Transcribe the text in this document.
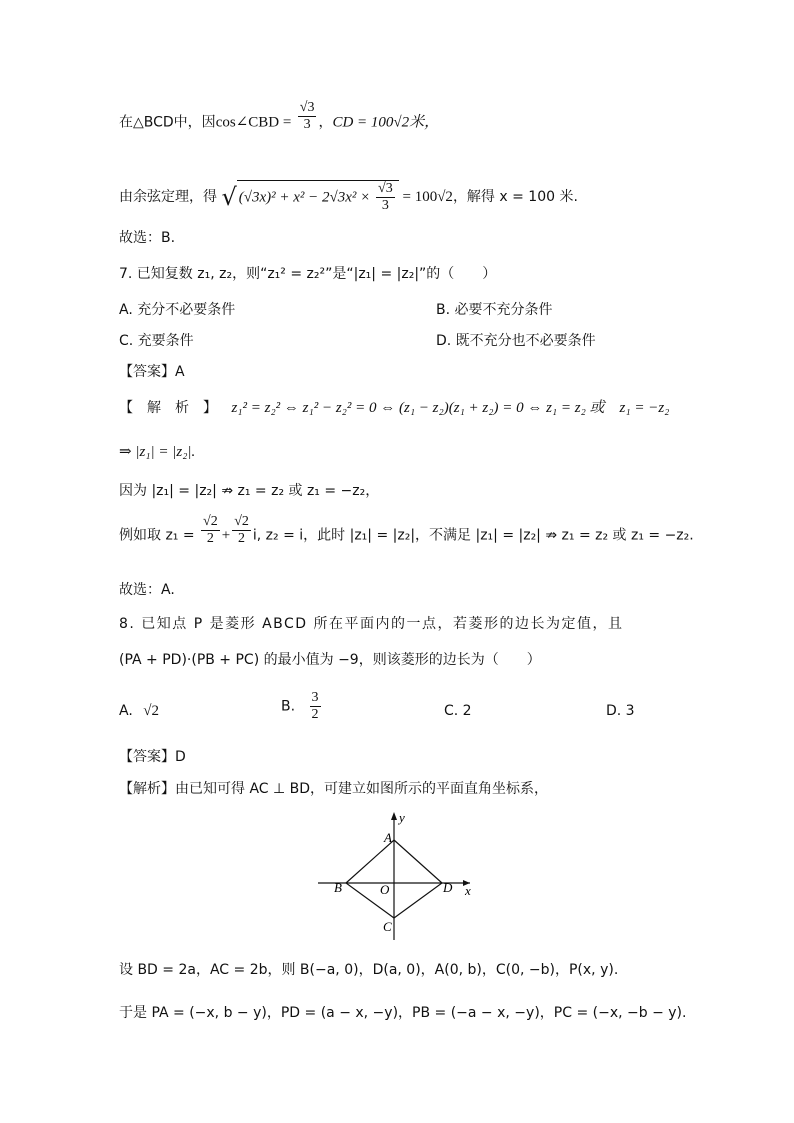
在△BCD中，因cos∠CBD = $\frac{√3}{3}$ ，CD = 100√2米，
由余弦定理，得 √ $(√3x)^2 + x^2 - 2√3x^2 \times \frac{√3}{3} = 100√2$，解得 x = 100 米.
故选：B.
7. 已知复数 z₁, z₂，则“z₁² = z₂²”是“|z₁| = |z₂|”的（　　）
A. 充分不必要条件	B. 必要不充分条件
C. 充要条件	D. 既不充分也不必要条件
【答案】A
【　解　析　】 z₁² = z₂² ⇔ z₁² − z₂² = 0 ⇔ (z₁ − z₂)(z₁ + z₂) = 0 ⇔ z₁ = z₂ 或　z₁ = −z₂
⇒ |z₁| = |z₂|.
因为 |z₁| = |z₂| ⇏ z₁ = z₂ 或 z₁ = −z₂，
例如取 $z_1 = \frac{√2}{2} + \frac{√2}{2} i$, z₂ = i，此时 |z₁| = |z₂|，不满足 |z₁| = |z₂| ⇏ z₁ = z₂ 或 z₁ = −z₂.
故选：A.
8. 已知点 P 是菱形 ABCD 所在平面内的一点，若菱形的边长为定值，且
(PA + PD)·(PB + PC) 的最小值为 −9，则该菱形的边长为（　　）
A. √2	B. $\frac{3}{2}$	C. 2	D. 3
【答案】D
【解析】由已知可得 AC ⊥ BD，可建立如图所示的平面直角坐标系，
A
B	O	D
C
x
y
设 BD = 2a，AC = 2b，则 B(−a, 0)，D(a, 0)，A(0, b)，C(0, −b)，P(x, y).
于是 PA = (−x, b − y)，PD = (a − x, −y)，PB = (−a − x, −y)，PC = (−x, −b − y).
